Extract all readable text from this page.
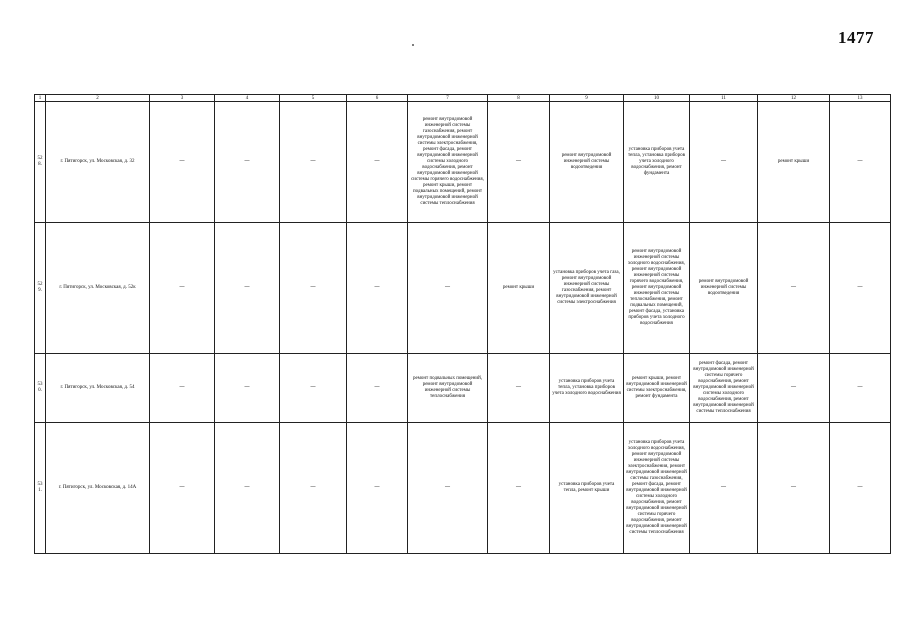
1477
1	2	3	4	5	6	7	8	9	10	11	12	13
528.	г. Пятигорск, ул. Московская, д. 32	—	—	—	—	ремонт внутридомовой инженерной системы газоснабжения, ремонт внутридомовой инженерной системы электроснабжения, ремонт фасада, ремонт внутридомовой инженерной системы холодного водоснабжения, ремонт внутридомовой инженерной системы горячего водоснабжения, ремонт крыши, ремонт подвальных помещений, ремонт внутридомовой инженерной системы теплоснабжения	—	ремонт внутридомовой инженерной системы водоотведения	установка приборов учета тепла, установка приборов учета холодного водоснабжения, ремонт фундамента	—	ремонт крыши	—
529.	г. Пятигорск, ул. Московская, д. 52к	—	—	—	—	—	ремонт крыши	установка приборов учета газа, ремонт внутридомовой инженерной системы газоснабжения, ремонт внутридомовой инженерной системы электроснабжения	ремонт внутридомовой инженерной системы холодного водоснабжения, ремонт внутридомовой инженерной системы горячего водоснабжения, ремонт внутридомовой инженерной системы теплоснабжения, ремонт подвальных помещений, ремонт фасада, установка приборов учета холодного водоснабжения	ремонт внутридомовой инженерной системы водоотведения	—	—
530.	г. Пятигорск, ул. Московская, д. 54	—	—	—	—	ремонт подвальных помещений, ремонт внутридомовой инженерной системы теплоснабжения	—	установка приборов учета тепла, установка приборов учета холодного водоснабжения	ремонт крыши, ремонт внутридомовой инженерной системы электроснабжения, ремонт фундамента	ремонт фасада, ремонт внутридомовой инженерной системы горячего водоснабжения, ремонт внутридомовой инженерной системы холодного водоснабжения, ремонт внутридомовой инженерной системы теплоснабжения	—	—
531.	г. Пятигорск, ул. Московская, д. 14А	—	—	—	—	—	—	установка приборов учета тепла, ремонт крыши	установка приборов учета холодного водоснабжения, ремонт внутридомовой инженерной системы электроснабжения, ремонт внутридомовой инженерной системы газоснабжения, ремонт фасада, ремонт внутридомовой инженерной системы холодного водоснабжения, ремонт внутридомовой инженерной системы горячего водоснабжения, ремонт внутридомовой инженерной системы теплоснабжения	—	—	—
